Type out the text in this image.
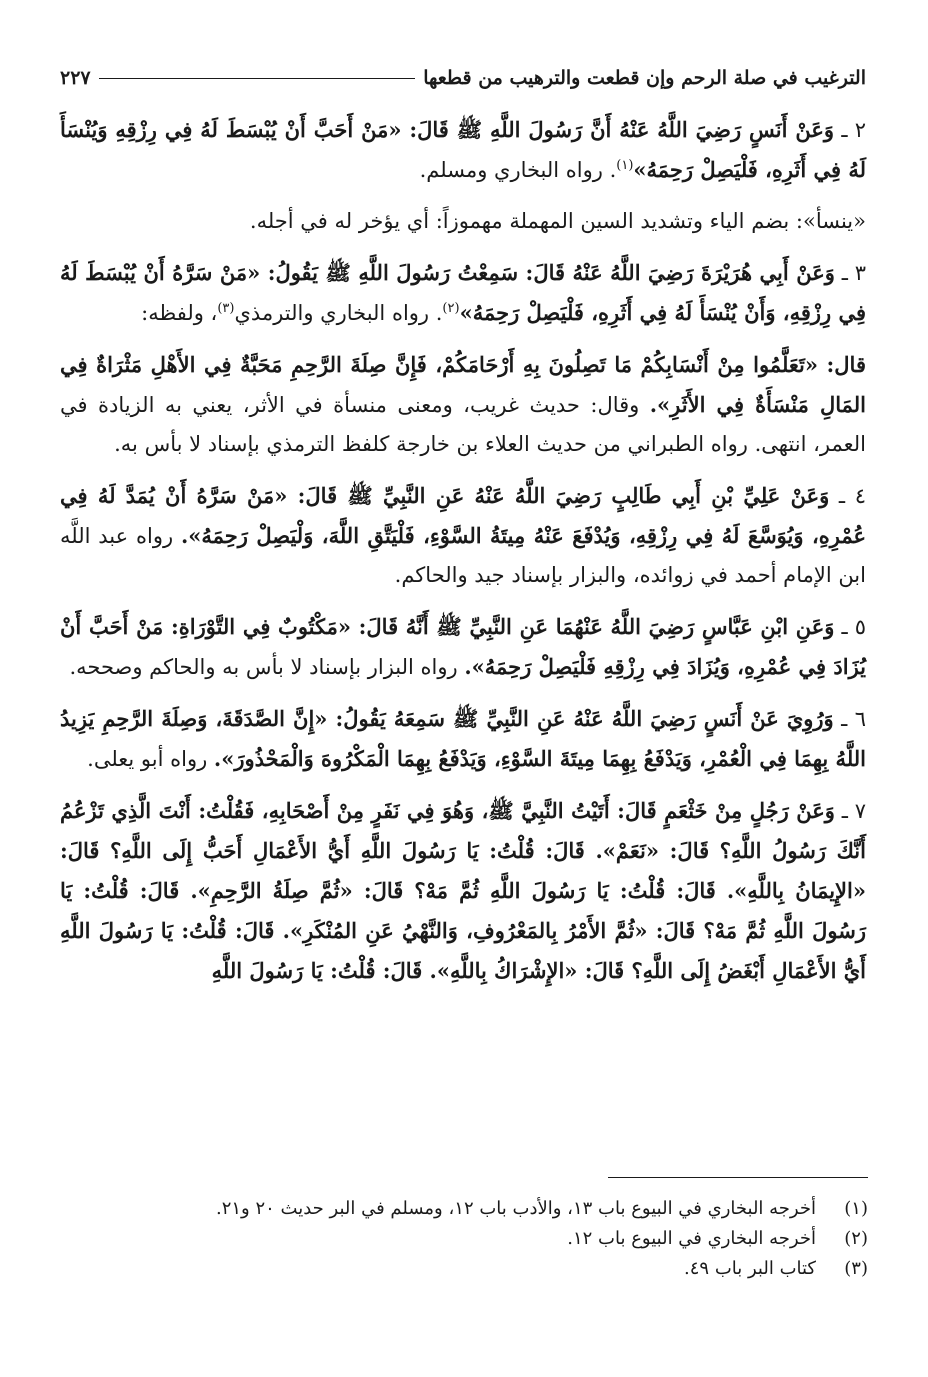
الترغيب في صلة الرحم وإن قطعت والترهيب من قطعها
٢٢٧

٢ ـ وَعَنْ أَنَسٍ رَضِيَ اللَّهُ عَنْهُ أَنَّ رَسُولَ اللَّهِ ﷺ قَالَ: «مَنْ أَحَبَّ أَنْ يُبْسَطَ لَهُ فِي رِزْقِهِ وَيُنْسَأَ لَهُ فِي أَثَرِهِ، فَلْيَصِلْ رَحِمَهُ»$^{(١)}$. رواه البخاري ومسلم.

«ينسأ»: بضم الياء وتشديد السين المهملة مهموزاً: أي يؤخر له في أجله.

٣ ـ وَعَنْ أَبِي هُرَيْرَةَ رَضِيَ اللَّهُ عَنْهُ قَالَ: سَمِعْتُ رَسُولَ اللَّهِ ﷺ يَقُولُ: «مَنْ سَرَّهُ أَنْ يُبْسَطَ لَهُ فِي رِزْقِهِ، وَأَنْ يُنْسَأَ لَهُ فِي أَثَرِهِ، فَلْيَصِلْ رَحِمَهُ»$^{(٢)}$. رواه البخاري والترمذي$^{(٣)}$، ولفظه:

قال: «تَعَلَّمُوا مِنْ أَنْسَابِكُمْ مَا تَصِلُونَ بِهِ أَرْحَامَكُمْ، فَإِنَّ صِلَةَ الرَّحِمِ مَحَبَّةٌ فِي الأَهْلِ مَثْرَاةٌ فِي المَالِ مَنْسَأَةٌ فِي الأَثَرِ». وقال: حديث غريب، ومعنى منسأة في الأثر، يعني به الزيادة في العمر، انتهى. رواه الطبراني من حديث العلاء بن خارجة كلفظ الترمذي بإسناد لا بأس به.

٤ ـ وَعَنْ عَلِيِّ بْنِ أَبِي طَالِبٍ رَضِيَ اللَّهُ عَنْهُ عَنِ النَّبِيِّ ﷺ قَالَ: «مَنْ سَرَّهُ أَنْ يُمَدَّ لَهُ فِي عُمْرِهِ، وَيُوَسَّعَ لَهُ فِي رِزْقِهِ، وَيُدْفَعَ عَنْهُ مِيتَةُ السَّوْءِ، فَلْيَتَّقِ اللَّهَ، وَلْيَصِلْ رَحِمَهُ». رواه عبد اللَّه ابن الإمام أحمد في زوائده، والبزار بإسناد جيد والحاكم.

٥ ـ وَعَنِ ابْنِ عَبَّاسٍ رَضِيَ اللَّهُ عَنْهُمَا عَنِ النَّبِيِّ ﷺ أَنَّهُ قَالَ: «مَكْتُوبٌ فِي التَّوْرَاةِ: مَنْ أَحَبَّ أَنْ يُزَادَ فِي عُمْرِهِ، وَيُزَادَ فِي رِزْقِهِ فَلْيَصِلْ رَحِمَهُ». رواه البزار بإسناد لا بأس به والحاكم وصححه.

٦ ـ وَرُوِيَ عَنْ أَنَسٍ رَضِيَ اللَّهُ عَنْهُ عَنِ النَّبِيِّ ﷺ سَمِعَهُ يَقُولُ: «إِنَّ الصَّدَقَةَ، وَصِلَةَ الرَّحِمِ يَزِيدُ اللَّهُ بِهِمَا فِي الْعُمْرِ، وَيَدْفَعُ بِهِمَا مِيتَةَ السَّوْءِ، وَيَدْفَعُ بِهِمَا الْمَكْرُوهَ وَالْمَحْذُورَ». رواه أبو يعلى.

٧ ـ وَعَنْ رَجُلٍ مِنْ خَثْعَمٍ قَالَ: أَتَيْتُ النَّبِيَّ ﷺ، وَهُوَ فِي نَفَرٍ مِنْ أَصْحَابِهِ، فَقُلْتُ: أَنْتَ الَّذِي تَزْعُمُ أَنَّكَ رَسُولُ اللَّهِ؟ قَالَ: «نَعَمْ». قَالَ: قُلْتُ: يَا رَسُولَ اللَّهِ أَيُّ الأَعْمَالِ أَحَبُّ إِلَى اللَّهِ؟ قَالَ: «الإِيمَانُ بِاللَّهِ». قَالَ: قُلْتُ: يَا رَسُولَ اللَّهِ ثُمَّ مَهْ؟ قَالَ: «ثُمَّ صِلَةُ الرَّحِمِ». قَالَ: قُلْتُ: يَا رَسُولَ اللَّهِ ثُمَّ مَهْ؟ قَالَ: «ثُمَّ الأَمْرُ بِالمَعْرُوفِ، وَالنَّهْيُ عَنِ المُنْكَرِ». قَالَ: قُلْتُ: يَا رَسُولَ اللَّهِ أَيُّ الأَعْمَالِ أَبْغَضُ إِلَى اللَّهِ؟ قَالَ: «الإِشْرَاكُ بِاللَّهِ». قَالَ: قُلْتُ: يَا رَسُولَ اللَّهِ

(١)
أخرجه البخاري في البيوع باب ١٣، والأدب باب ١٢، ومسلم في البر حديث ٢٠ و٢١.
(٢)
أخرجه البخاري في البيوع باب ١٢.
(٣)
كتاب البر باب ٤٩.
